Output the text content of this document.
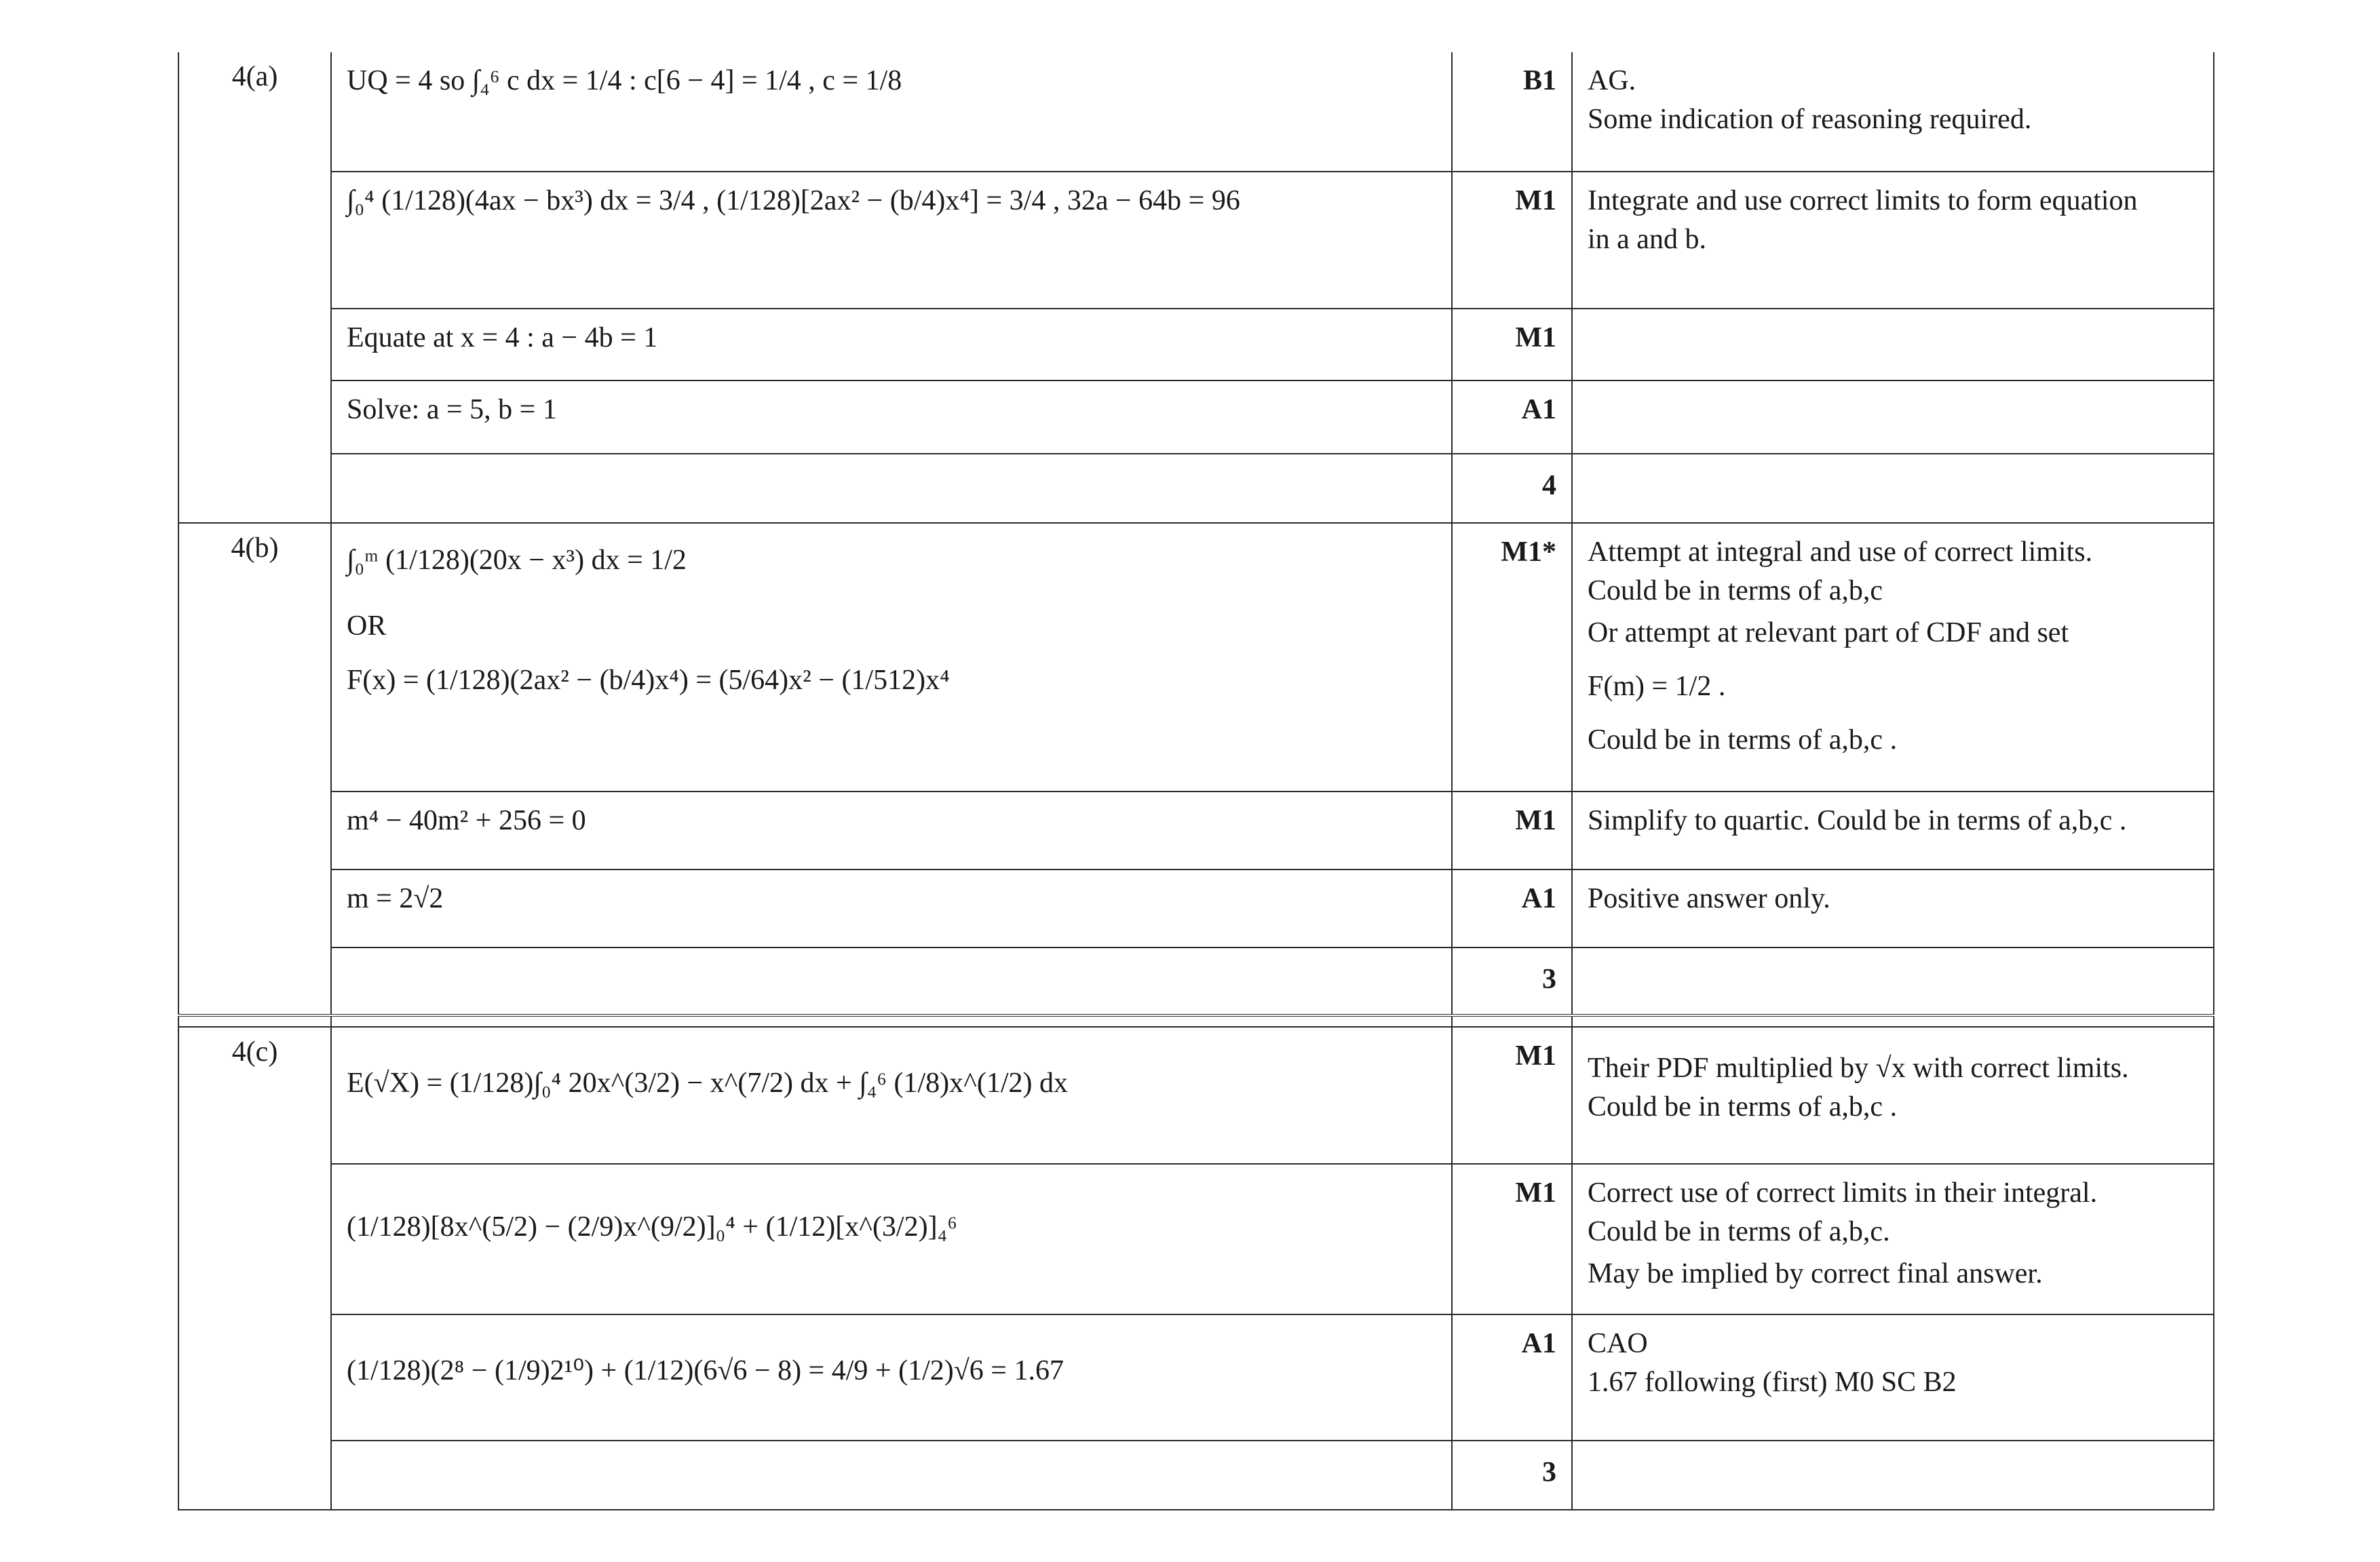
4(a)	UQ = 4 so ∫₄⁶ c dx = 1/4 : c[6 − 4] = 1/4 , c = 1/8	B1	AG.
Some indication of reasoning required.

	∫₀⁴ (1/128)(4ax − bx³) dx = 3/4 , (1/128)[2ax² − (b/4)x⁴] = 3/4 , 32a − 64b = 96	M1	Integrate and use correct limits to form equation
in a and b.

	Equate at x = 4 : a − 4b = 1	M1	

	Solve: a = 5, b = 1	A1	
		4	
4(b)	∫₀ᵐ (1/128)(20x − x³) dx = 1/2
OR
F(x) = (1/128)(2ax² − (b/4)x⁴) = (5/64)x² − (1/512)x⁴	M1*	Attempt at integral and use of correct limits.
Could be in terms of a,b,c
Or attempt at relevant part of CDF and set
F(m) = 1/2 .
Could be in terms of a,b,c .

	m⁴ − 40m² + 256 = 0	M1	Simplify to quartic. Could be in terms of a,b,c .

	m = 2√2	A1	Positive answer only.

		3	

4(c)	E(√X) = (1/128)∫₀⁴ 20x^(3/2) − x^(7/2) dx + ∫₄⁶ (1/8)x^(1/2) dx	M1	Their PDF multiplied by √x with correct limits.
Could be in terms of a,b,c .

	(1/128)[8x^(5/2) − (2/9)x^(9/2)]₀⁴ + (1/12)[x^(3/2)]₄⁶	M1	Correct use of correct limits in their integral.
Could be in terms of a,b,c.
May be implied by correct final answer.

	(1/128)(2⁸ − (1/9)2¹⁰) + (1/12)(6√6 − 8) = 4/9 + (1/2)√6 = 1.67	A1	CAO
1.67 following (first) M0 SC B2

		3	
